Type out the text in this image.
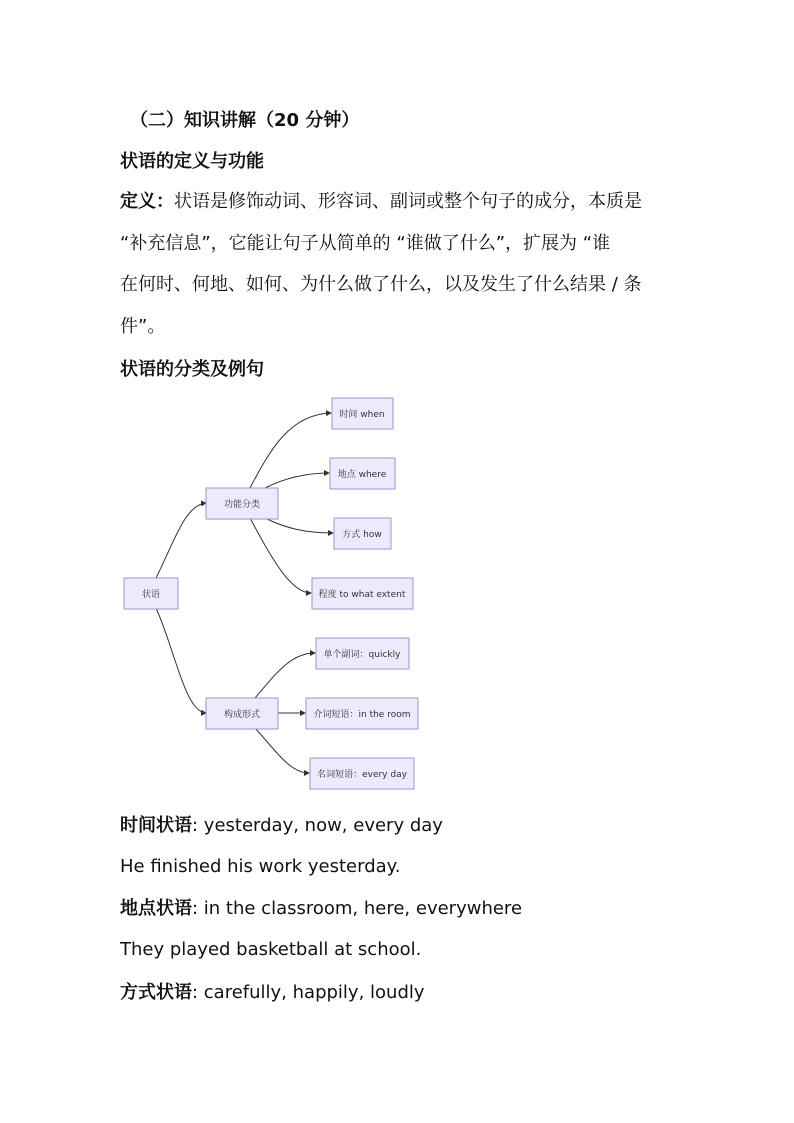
（二）知识讲解（20 分钟）
状语的定义与功能
定义：状语是修饰动词、形容词、副词或整个句子的成分，本质是
“补充信息”，它能让句子从简单的 “谁做了什么”，扩展为 “谁
在何时、何地、如何、为什么做了什么，以及发生了什么结果 / 条
件”。
状语的分类及例句
状语
功能分类
构成形式
时间 when
地点 where
方式 how
程度 to what extent
单个副词：quickly
介词短语：in the room
名词短语：every day
时间状语: yesterday, now, every day
He finished his work yesterday.
地点状语: in the classroom, here, everywhere
They played basketball at school.
方式状语: carefully, happily, loudly
